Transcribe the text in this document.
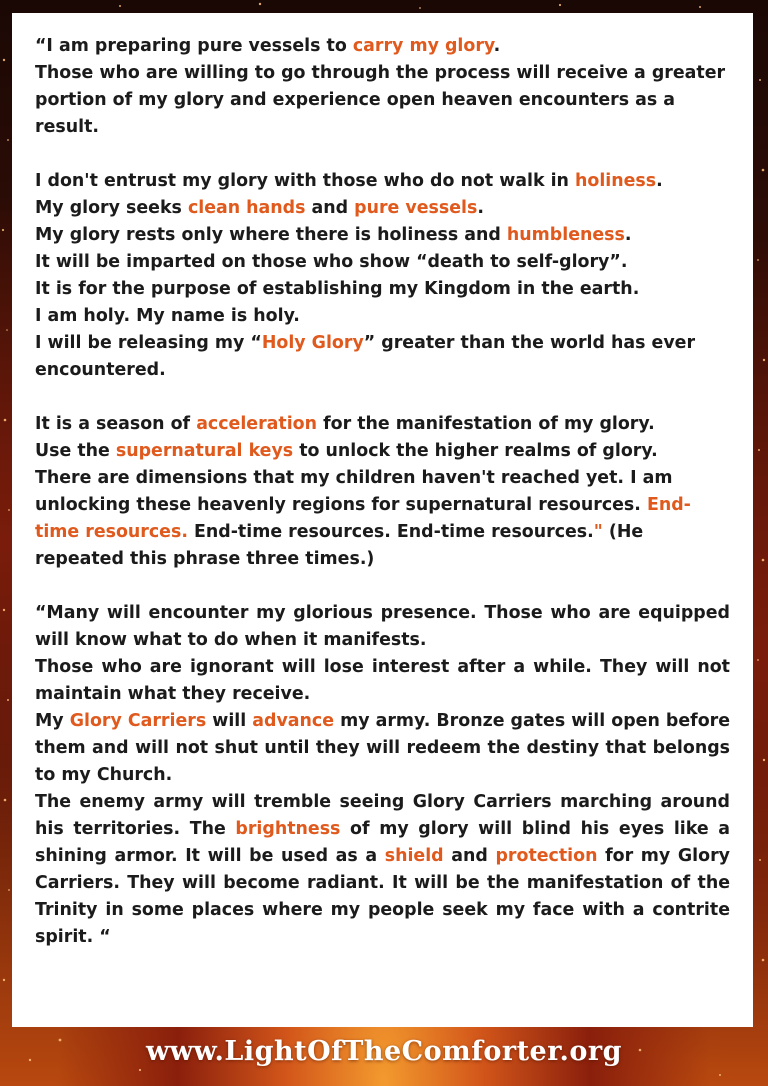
“I am preparing pure vessels to carry my glory.
Those who are willing to go through the process will receive a greater portion of my glory and experience open heaven encounters as a result.

I don't entrust my glory with those who do not walk in holiness.
My glory seeks clean hands and pure vessels.
My glory rests only where there is holiness and humbleness.
It will be imparted on those who show “death to self-glory”.
It is for the purpose of establishing my Kingdom in the earth.
I am holy. My name is holy.
I will be releasing my “Holy Glory” greater than the world has ever encountered.

It is a season of acceleration for the manifestation of my glory.
Use the supernatural keys to unlock the higher realms of glory.
There are dimensions that my children haven't reached yet. I am unlocking these heavenly regions for supernatural resources. End-time resources. End-time resources. End-time resources." (He repeated this phrase three times.)

“Many will encounter my glorious presence. Those who are equipped will know what to do when it manifests.
Those who are ignorant will lose interest after a while. They will not maintain what they receive.
My Glory Carriers will advance my army. Bronze gates will open before them and will not shut until they will redeem the destiny that belongs to my Church.
The enemy army will tremble seeing Glory Carriers marching around his territories. The brightness of my glory will blind his eyes like a shining armor. It will be used as a shield and protection for my Glory Carriers. They will become radiant. It will be the manifestation of the Trinity in some places where my people seek my face with a contrite spirit. “

www.LightOfTheComforter.org
